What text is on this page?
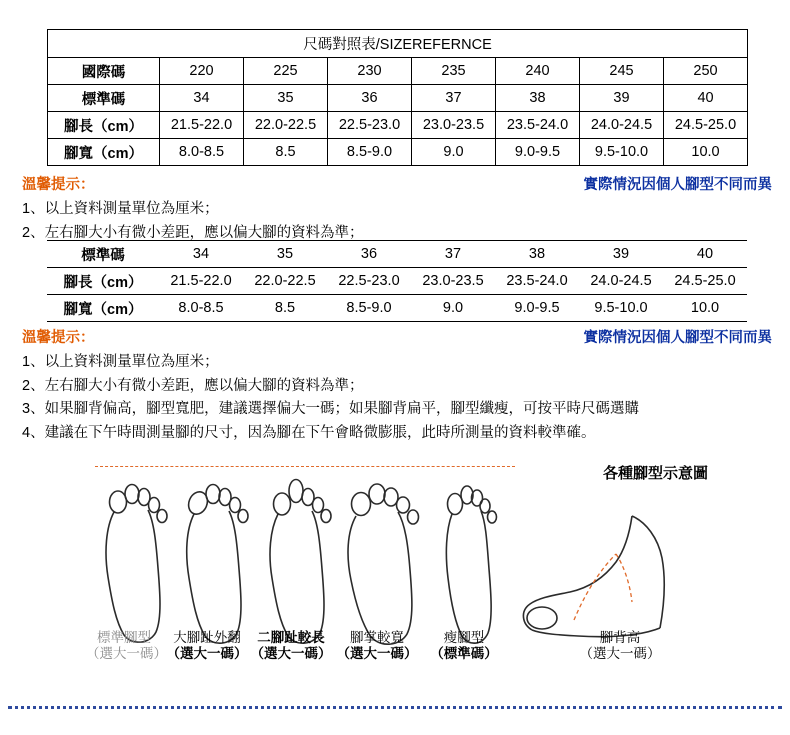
尺碼對照表/SIZEREFERNCE							
國際碼	220	225	230	235	240	245	250
標準碼	34	35	36	37	38	39	40
腳長（cm）	21.5-22.0	22.0-22.5	22.5-23.0	23.0-23.5	23.5-24.0	24.0-24.5	24.5-25.0
腳寬（cm）	8.0-8.5	8.5	8.5-9.0	9.0	9.0-9.5	9.5-10.0	10.0
溫馨提示：	實際情況因個人腳型不同而異
1、以上資料測量單位為厘米；
2、左右腳大小有微小差距，應以偏大腳的資料為準；
標準碼	34	35	36	37	38	39	40
腳長（cm）	21.5-22.0	22.0-22.5	22.5-23.0	23.0-23.5	23.5-24.0	24.0-24.5	24.5-25.0
腳寬（cm）	8.0-8.5	8.5	8.5-9.0	9.0	9.0-9.5	9.5-10.0	10.0
溫馨提示：	實際情況因個人腳型不同而異
1、以上資料測量單位為厘米；
2、左右腳大小有微小差距，應以偏大腳的資料為準；
3、如果腳背偏高，腳型寬肥，建議選擇偏大一碼；如果腳背扁平，腳型纖瘦，可按平時尺碼選購
4、建議在下午時間測量腳的尺寸，因為腳在下午會略微膨脹，此時所測量的資料較準確。
各種腳型示意圖
標準腳型
（選大一碼）
大腳趾外翻
（選大一碼）
二腳趾較長
（選大一碼）
腳掌較寬
（選大一碼）
瘦腳型
（標準碼）
腳背高
（選大一碼）
